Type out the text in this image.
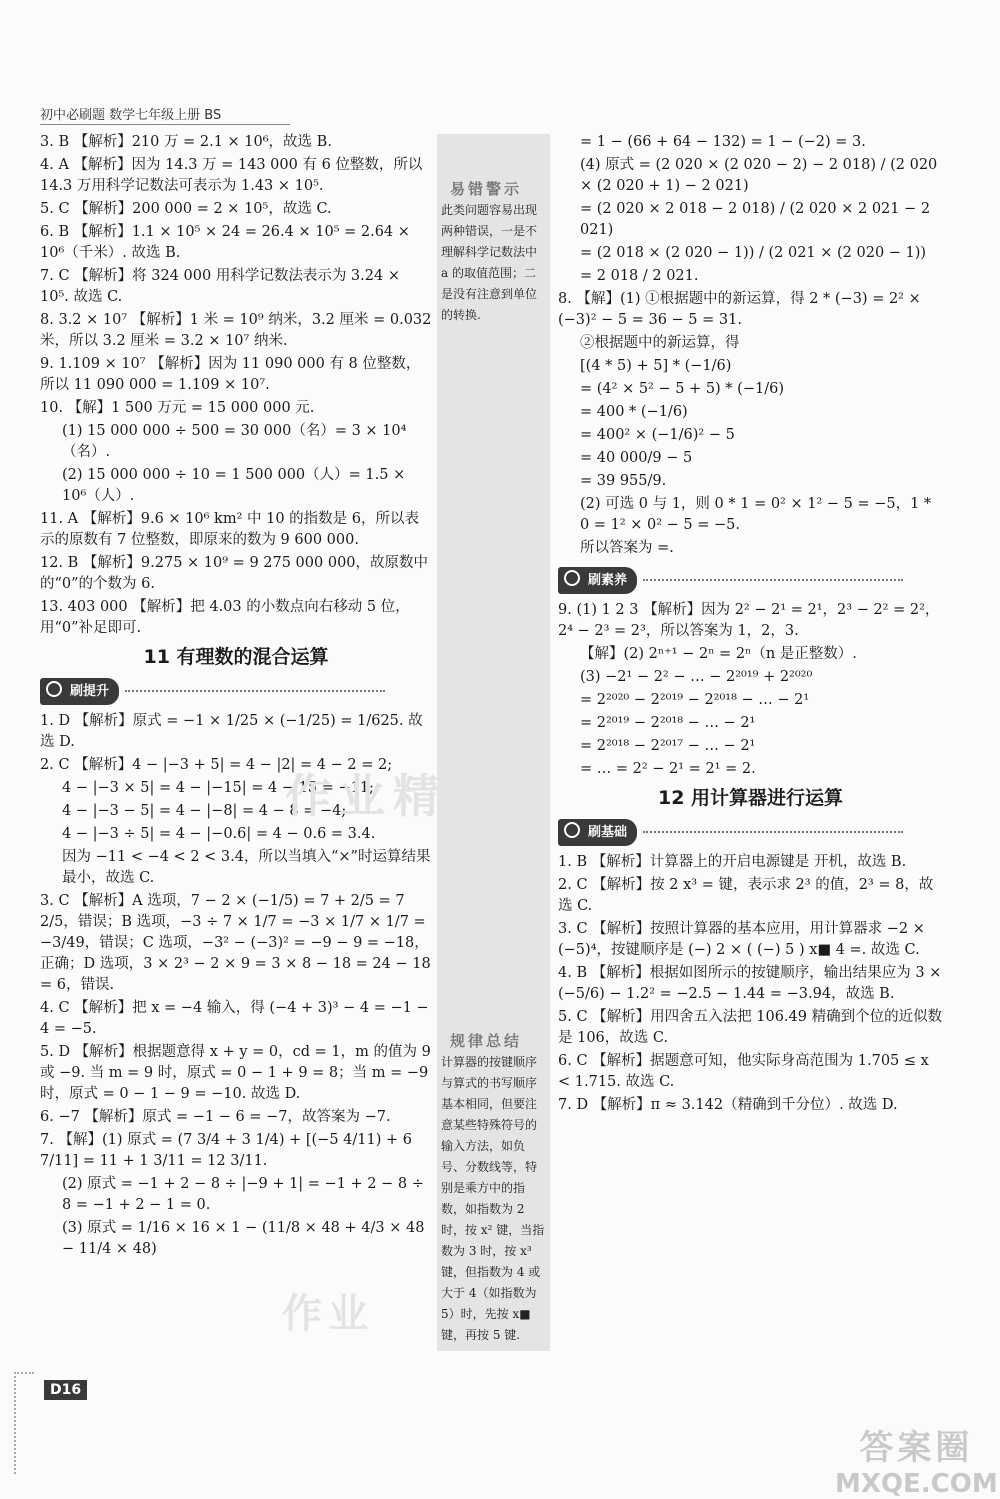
初中必刷题 数学七年级上册 BS
易错警示
此类问题容易出现两种错误，一是不理解科学记数法中 a 的取值范围；二是没有注意到单位的转换.
规律总结
计算器的按键顺序与算式的书写顺序基本相同，但要注意某些特殊符号的输入方法，如负号、分数线等，特别是乘方中的指数，如指数为 2 时，按 x² 键，当指数为 3 时，按 x³ 键，但指数为 4 或大于 4（如指数为 5）时，先按 x■ 键，再按 5 键.
3. B 【解析】210 万 = 2.1 × 10⁶，故选 B.
4. A 【解析】因为 14.3 万 = 143 000 有 6 位整数，所以 14.3 万用科学记数法可表示为 1.43 × 10⁵.
5. C 【解析】200 000 = 2 × 10⁵，故选 C.
6. B 【解析】1.1 × 10⁵ × 24 = 26.4 × 10⁵ = 2.64 × 10⁶（千米）. 故选 B.
7. C 【解析】将 324 000 用科学记数法表示为 3.24 × 10⁵. 故选 C.
8. 3.2 × 10⁷ 【解析】1 米 = 10⁹ 纳米，3.2 厘米 = 0.032 米，所以 3.2 厘米 = 3.2 × 10⁷ 纳米.
9. 1.109 × 10⁷ 【解析】因为 11 090 000 有 8 位整数，所以 11 090 000 = 1.109 × 10⁷.
10. 【解】1 500 万元 = 15 000 000 元.
(1) 15 000 000 ÷ 500 = 30 000（名）= 3 × 10⁴（名）.
(2) 15 000 000 ÷ 10 = 1 500 000（人）= 1.5 × 10⁶（人）.
11. A 【解析】9.6 × 10⁶ km² 中 10 的指数是 6，所以表示的原数有 7 位整数，即原来的数为 9 600 000.
12. B 【解析】9.275 × 10⁹ = 9 275 000 000，故原数中的“0”的个数为 6.
13. 403 000 【解析】把 4.03 的小数点向右移动 5 位，用“0”补足即可.
11 有理数的混合运算
刷提升
1. D 【解析】原式 = −1 × 1/25 × (−1/25) = 1/625. 故选 D.
2. C 【解析】4 − |−3 + 5| = 4 − |2| = 4 − 2 = 2;
4 − |−3 × 5| = 4 − |−15| = 4 − 15 = −11;
4 − |−3 − 5| = 4 − |−8| = 4 − 8 = −4;
4 − |−3 ÷ 5| = 4 − |−0.6| = 4 − 0.6 = 3.4.
因为 −11 < −4 < 2 < 3.4，所以当填入“×”时运算结果最小，故选 C.
3. C 【解析】A 选项，7 − 2 × (−1/5) = 7 + 2/5 = 7 2/5，错误；B 选项，−3 ÷ 7 × 1/7 = −3 × 1/7 × 1/7 = −3/49，错误；C 选项，−3² − (−3)² = −9 − 9 = −18，正确；D 选项，3 × 2³ − 2 × 9 = 3 × 8 − 18 = 24 − 18 = 6，错误.
4. C 【解析】把 x = −4 输入，得 (−4 + 3)³ − 4 = −1 − 4 = −5.
5. D 【解析】根据题意得 x + y = 0，cd = 1，m 的值为 9 或 −9. 当 m = 9 时，原式 = 0 − 1 + 9 = 8；当 m = −9 时，原式 = 0 − 1 − 9 = −10. 故选 D.
6. −7 【解析】原式 = −1 − 6 = −7，故答案为 −7.
7. 【解】(1) 原式 = (7 3/4 + 3 1/4) + [(−5 4/11) + 6 7/11] = 11 + 1 3/11 = 12 3/11.
(2) 原式 = −1 + 2 − 8 ÷ |−9 + 1| = −1 + 2 − 8 ÷ 8 = −1 + 2 − 1 = 0.
(3) 原式 = 1/16 × 16 × 1 − (11/8 × 48 + 4/3 × 48 − 11/4 × 48)
= 1 − (66 + 64 − 132) = 1 − (−2) = 3.
(4) 原式 = (2 020 × (2 020 − 2) − 2 018) / (2 020 × (2 020 + 1) − 2 021)
= (2 020 × 2 018 − 2 018) / (2 020 × 2 021 − 2 021)
= (2 018 × (2 020 − 1)) / (2 021 × (2 020 − 1))
= 2 018 / 2 021.
8. 【解】(1) ①根据题中的新运算，得 2 * (−3) = 2² × (−3)² − 5 = 36 − 5 = 31.
②根据题中的新运算，得
[(4 * 5) + 5] * (−1/6)
= (4² × 5² − 5 + 5) * (−1/6)
= 400 * (−1/6)
= 400² × (−1/6)² − 5
= 40 000/9 − 5
= 39 955/9.
(2) 可选 0 与 1，则 0 * 1 = 0² × 1² − 5 = −5，1 * 0 = 1² × 0² − 5 = −5.
所以答案为 =.
刷素养
9. (1) 1 2 3 【解析】因为 2² − 2¹ = 2¹，2³ − 2² = 2²，2⁴ − 2³ = 2³，所以答案为 1，2，3.
【解】(2) 2ⁿ⁺¹ − 2ⁿ = 2ⁿ（n 是正整数）.
(3) −2¹ − 2² − … − 2²⁰¹⁹ + 2²⁰²⁰
= 2²⁰²⁰ − 2²⁰¹⁹ − 2²⁰¹⁸ − … − 2¹
= 2²⁰¹⁹ − 2²⁰¹⁸ − … − 2¹
= 2²⁰¹⁸ − 2²⁰¹⁷ − … − 2¹
= … = 2² − 2¹ = 2¹ = 2.
12 用计算器进行运算
刷基础
1. B 【解析】计算器上的开启电源键是 开机，故选 B.
2. C 【解析】按 2 x³ = 键，表示求 2³ 的值，2³ = 8，故选 C.
3. C 【解析】按照计算器的基本应用，用计算器求 −2 × (−5)⁴，按键顺序是 (−) 2 × ( (−) 5 ) x■ 4 =. 故选 C.
4. B 【解析】根据如图所示的按键顺序，输出结果应为 3 × (−5/6) − 1.2² = −2.5 − 1.44 = −3.94，故选 B.
5. C 【解析】用四舍五入法把 106.49 精确到个位的近似数是 106，故选 C.
6. C 【解析】据题意可知，他实际身高范围为 1.705 ≤ x < 1.715. 故选 C.
7. D 【解析】π ≈ 3.142（精确到千分位）. 故选 D.
作业精灵
作业
D16
答案圈
MXQE.COM
